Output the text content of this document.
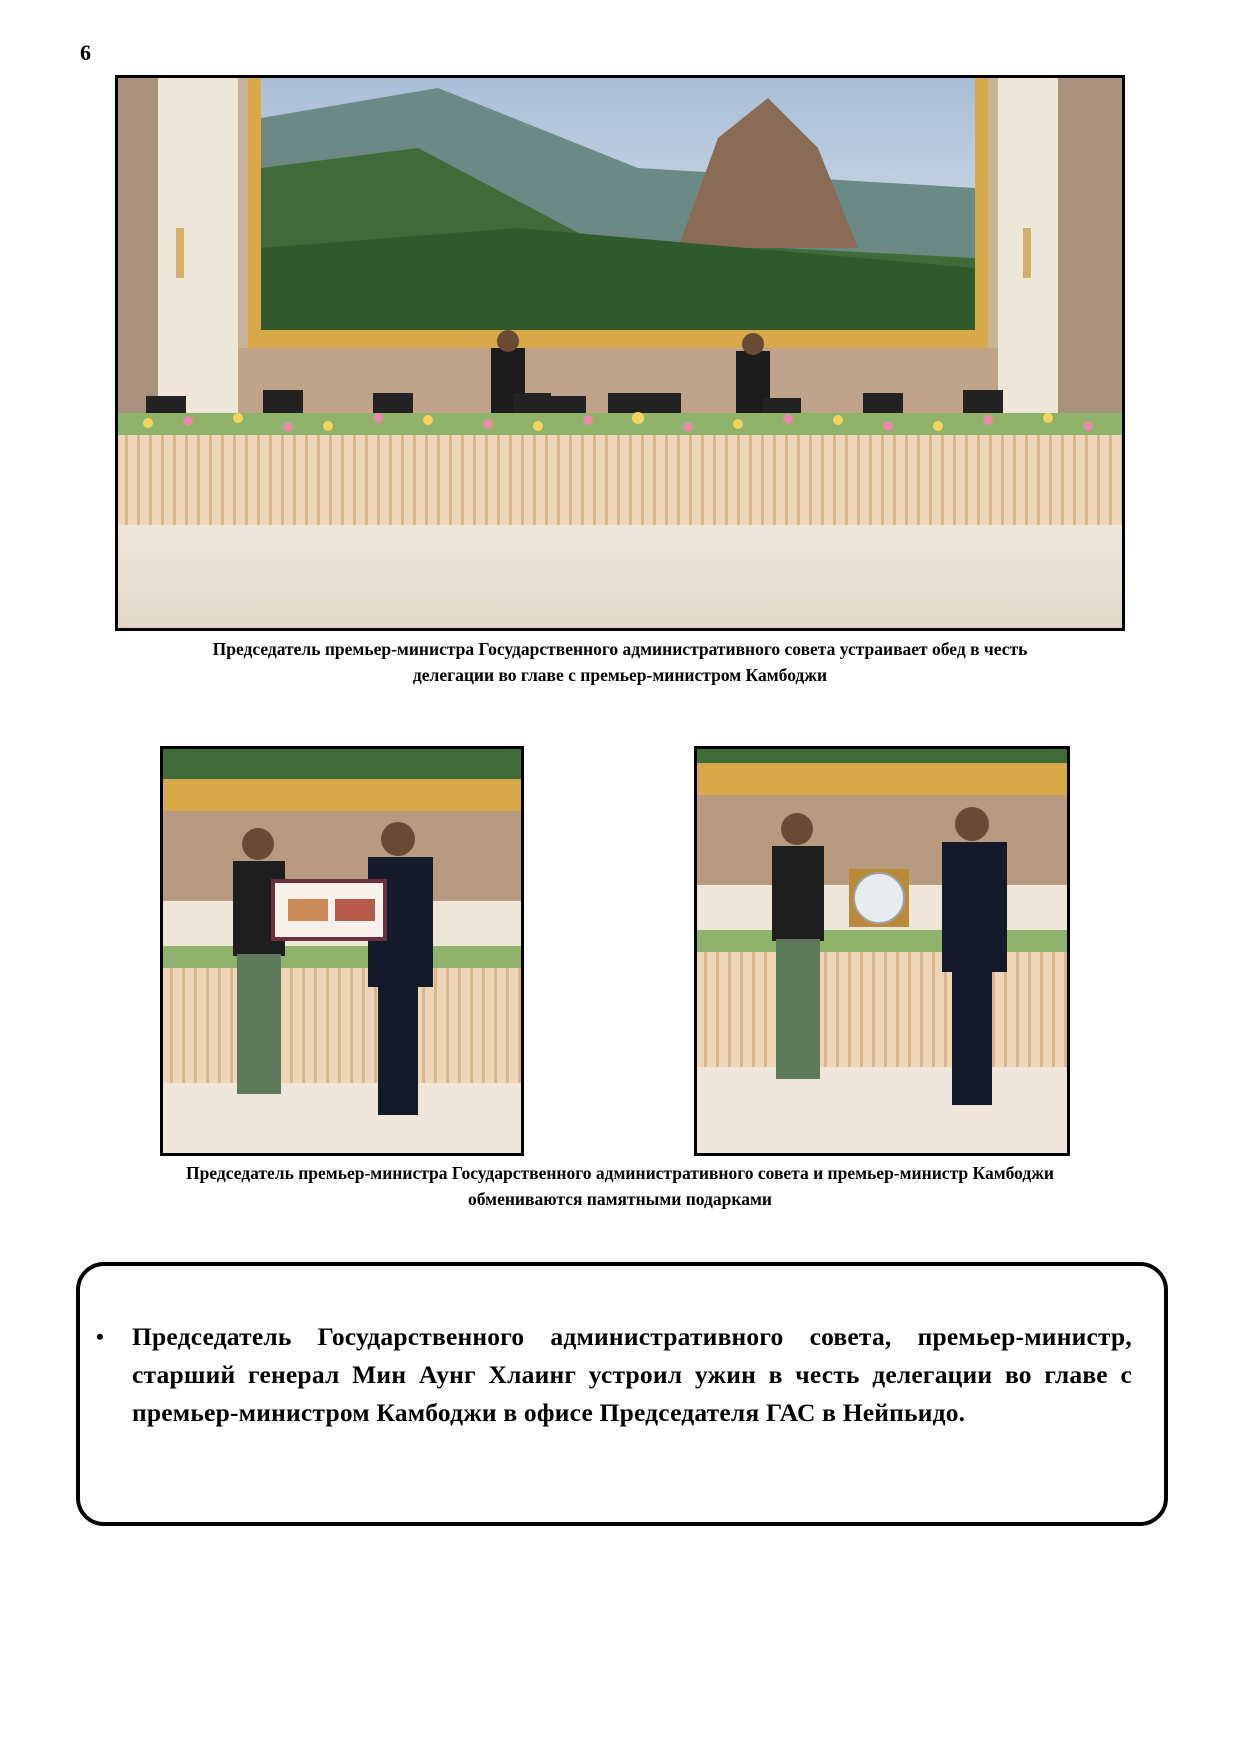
6
Председатель премьер-министра Государственного административного совета устраивает обед в честь
делегации во главе с премьер-министром Камбоджи
Председатель премьер-министра Государственного административного совета и премьер-министр Камбоджи
обмениваются памятными подарками
• Председатель Государственного административного совета, премьер-министр, старший генерал Мин Аунг Хлаинг устроил ужин в честь делегации во главе с премьер-министром Камбоджи в офисе Председателя ГАС в Нейпьидо.
